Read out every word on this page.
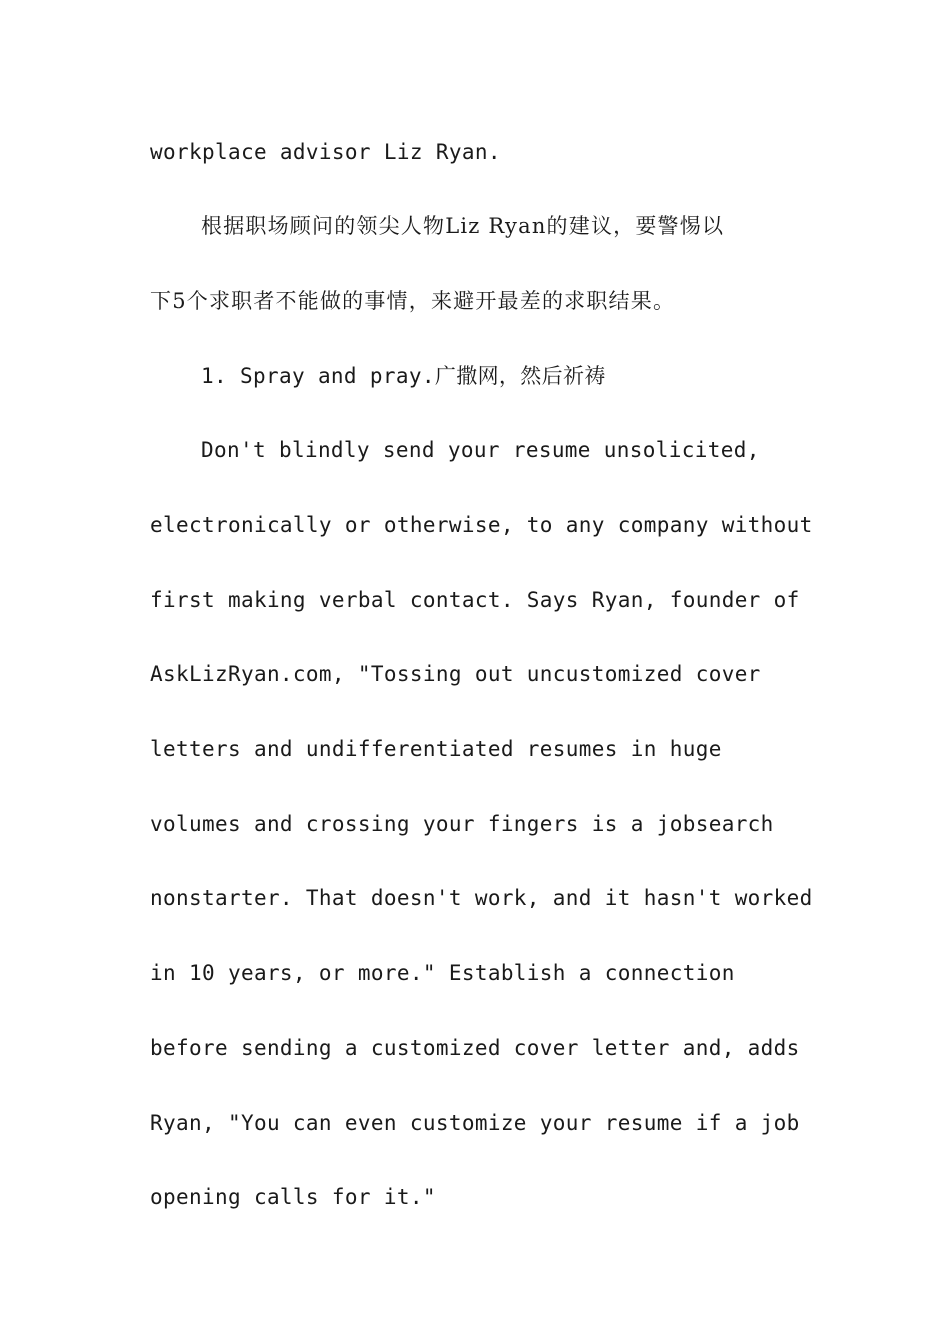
workplace advisor Liz Ryan.
根据职场顾问的领尖人物Liz Ryan的建议，要警惕以
下5个求职者不能做的事情，来避开最差的求职结果。
1. Spray and pray.广撒网，然后祈祷
Don't blindly send your resume unsolicited,
electronically or otherwise, to any company without
first making verbal contact. Says Ryan, founder of
AskLizRyan.com, "Tossing out uncustomized cover
letters and undifferentiated resumes in huge
volumes and crossing your fingers is a jobsearch
nonstarter. That doesn't work, and it hasn't worked
in 10 years, or more." Establish a connection
before sending a customized cover letter and, adds
Ryan, "You can even customize your resume if a job
opening calls for it."
